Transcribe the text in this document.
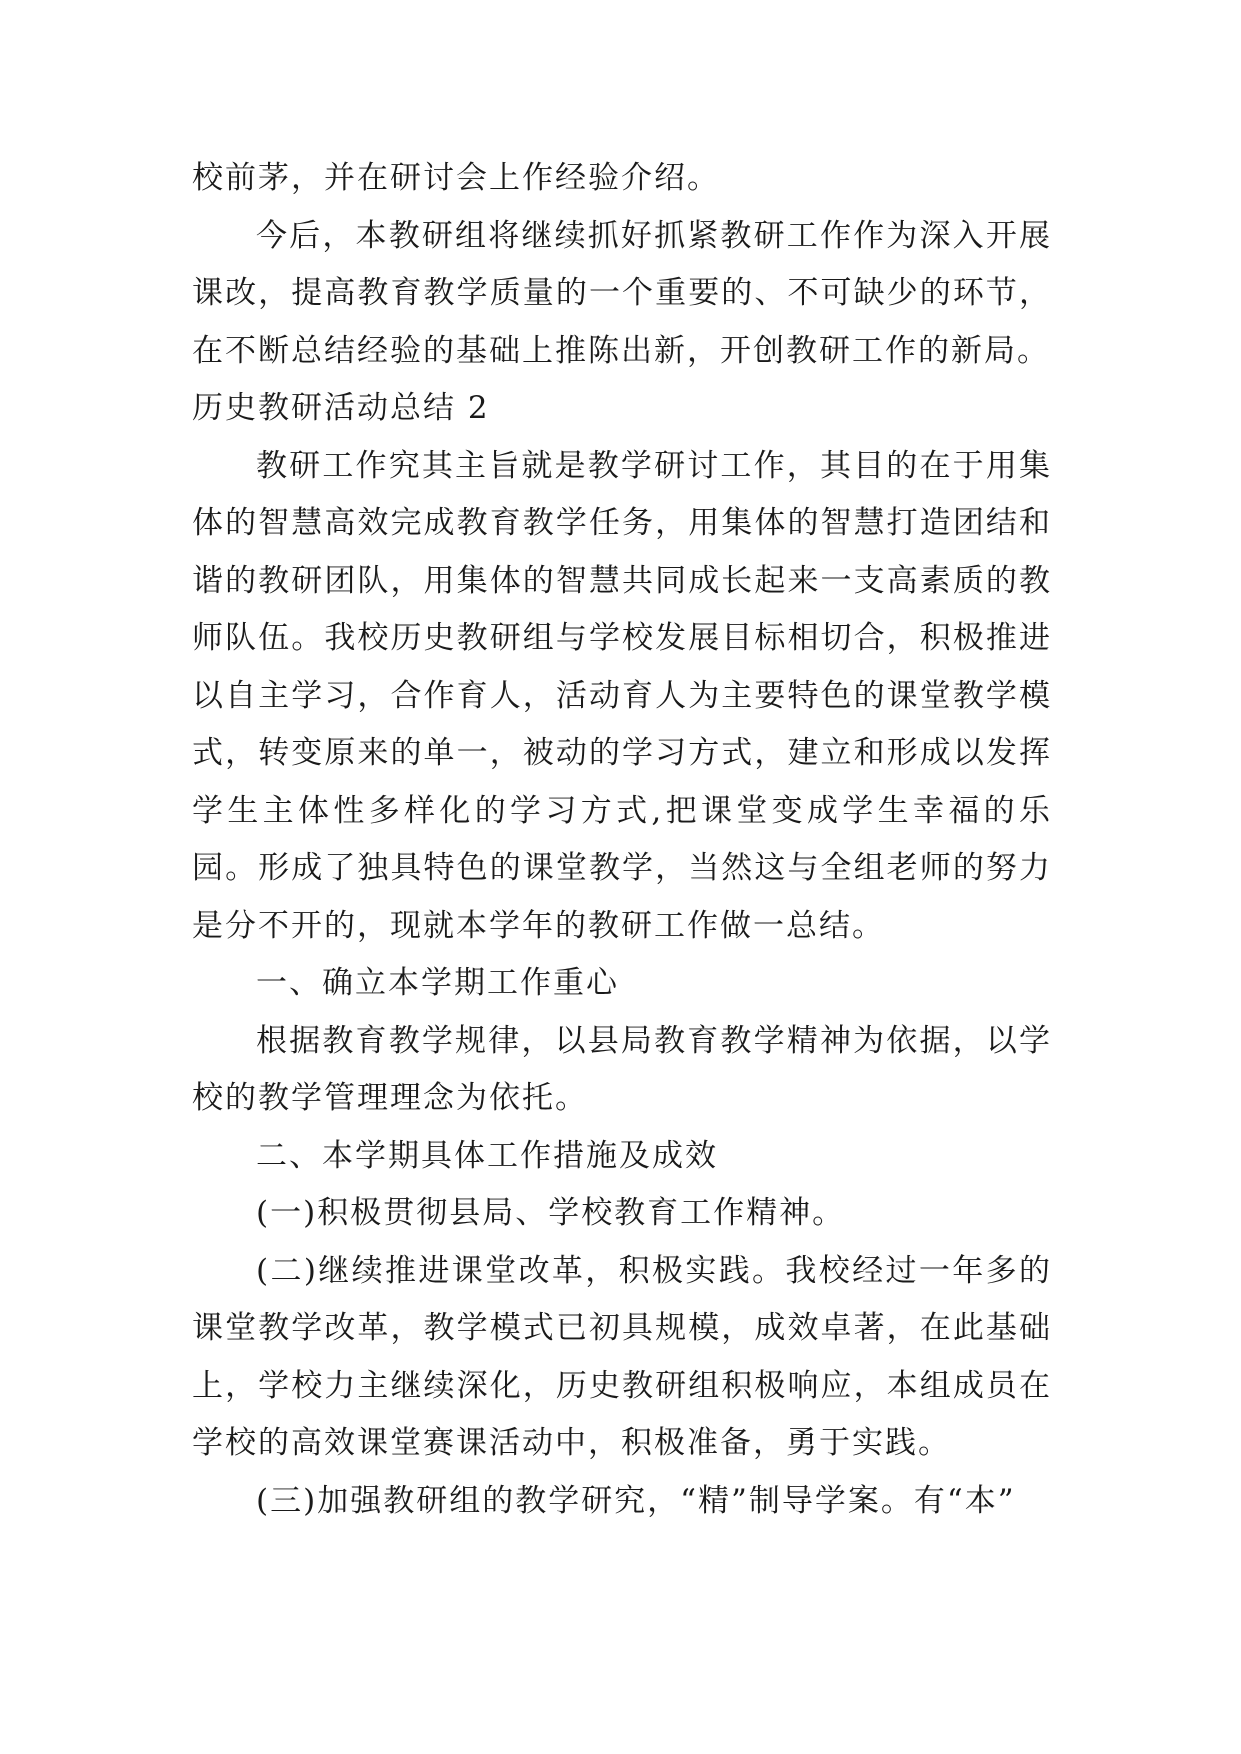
校前茅，并在研讨会上作经验介绍。

今后，本教研组将继续抓好抓紧教研工作作为深入开展课改，提高教育教学质量的一个重要的、不可缺少的环节，在不断总结经验的基础上推陈出新，开创教研工作的新局。

历史教研活动总结 2

教研工作究其主旨就是教学研讨工作，其目的在于用集体的智慧高效完成教育教学任务，用集体的智慧打造团结和谐的教研团队，用集体的智慧共同成长起来一支高素质的教师队伍。我校历史教研组与学校发展目标相切合，积极推进以自主学习，合作育人，活动育人为主要特色的课堂教学模式，转变原来的单一，被动的学习方式，建立和形成以发挥学生主体性多样化的学习方式,把课堂变成学生幸福的乐园。形成了独具特色的课堂教学，当然这与全组老师的努力是分不开的，现就本学年的教研工作做一总结。

一、确立本学期工作重心

根据教育教学规律，以县局教育教学精神为依据，以学校的教学管理理念为依托。

二、本学期具体工作措施及成效

(一)积极贯彻县局、学校教育工作精神。

(二)继续推进课堂改革，积极实践。我校经过一年多的课堂教学改革，教学模式已初具规模，成效卓著，在此基础上，学校力主继续深化，历史教研组积极响应，本组成员在学校的高效课堂赛课活动中，积极准备，勇于实践。

(三)加强教研组的教学研究，“精”制导学案。有“本”
